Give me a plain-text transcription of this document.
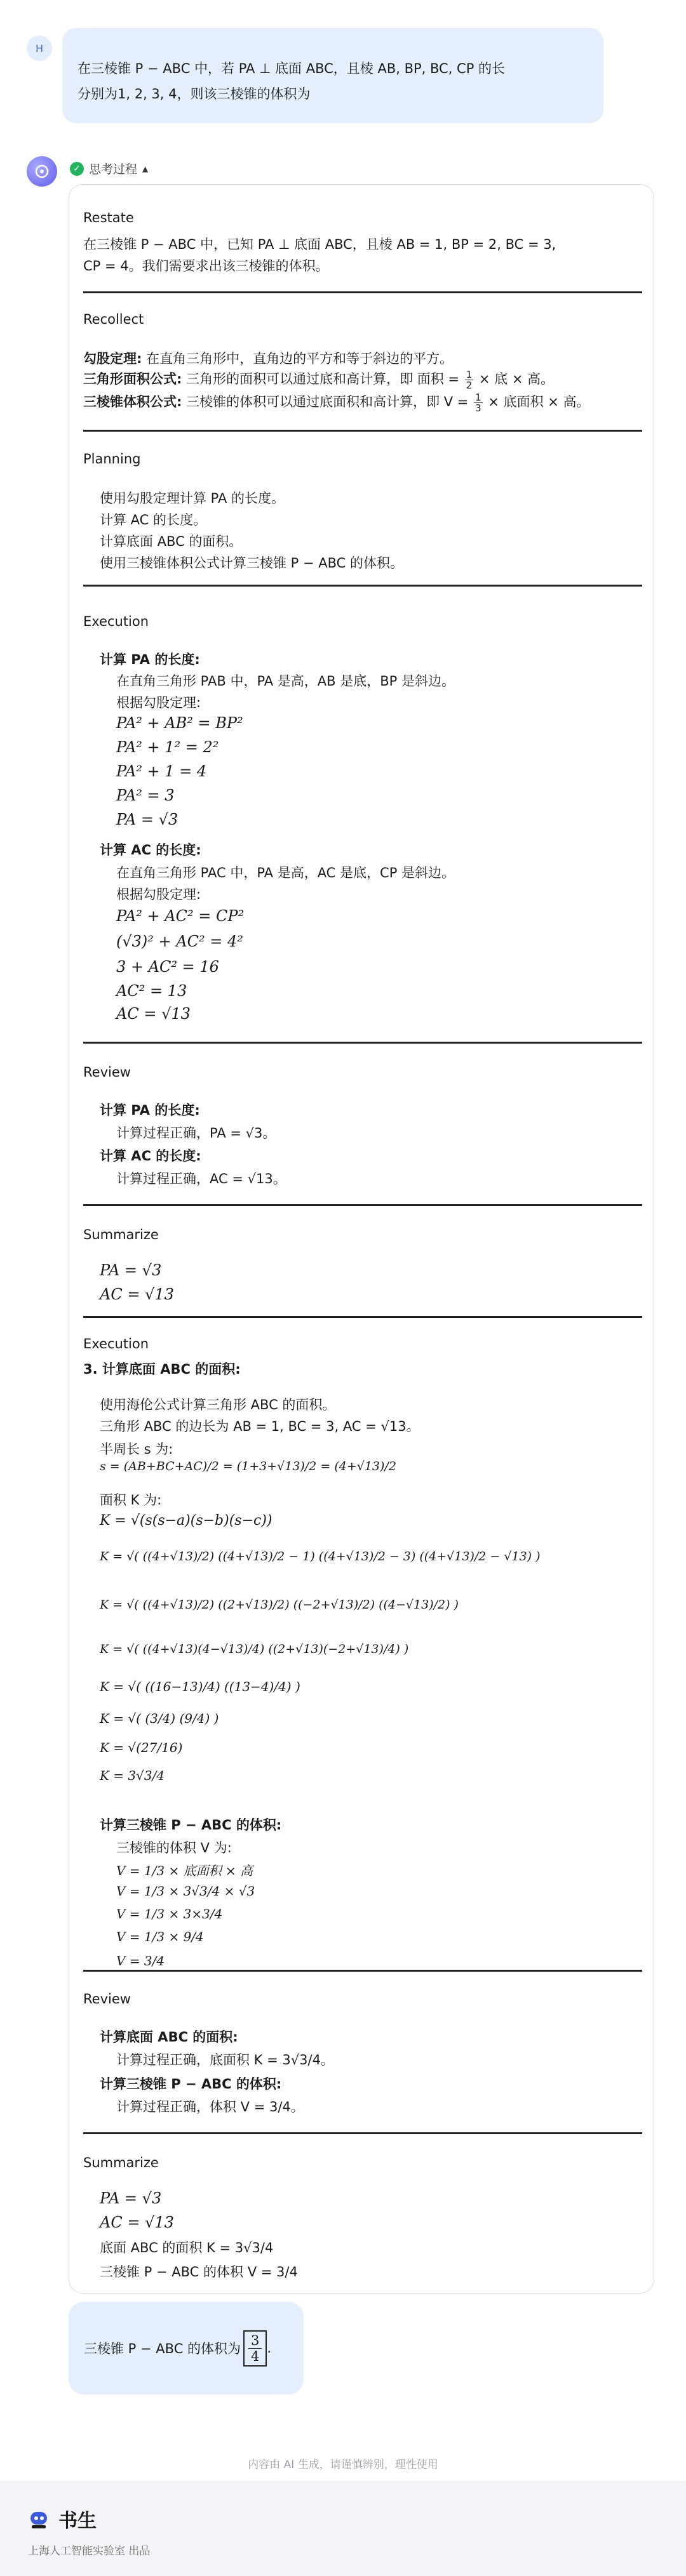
H
在三棱锥 P − ABC 中，若 PA ⊥ 底面 ABC，且棱 AB, BP, BC, CP 的长
分别为1, 2, 3, 4，则该三棱锥的体积为
✓ 思考过程 ▲
Restate
在三棱锥 P − ABC 中，已知 PA ⊥ 底面 ABC，且棱 AB = 1, BP = 2, BC = 3,
CP = 4。我们需要求出该三棱锥的体积。
Recollect
勾股定理: 在直角三角形中，直角边的平方和等于斜边的平方。
三角形面积公式: 三角形的面积可以通过底和高计算，即 面积 = $\frac{1}{2}$ × 底 × 高。
三棱锥体积公式: 三棱锥的体积可以通过底面积和高计算，即 $V = \frac{1}{3}$ × 底面积 × 高。
Planning
使用勾股定理计算 PA 的长度。
计算 AC 的长度。
计算底面 ABC 的面积。
使用三棱锥体积公式计算三棱锥 P − ABC 的体积。
Execution
计算 PA 的长度:
在直角三角形 PAB 中，PA 是高，AB 是底，BP 是斜边。
根据勾股定理:
PA² + AB² = BP²
PA² + 1² = 2²
PA² + 1 = 4
PA² = 3
PA = √3
计算 AC 的长度:
在直角三角形 PAC 中，PA 是高，AC 是底，CP 是斜边。
根据勾股定理:
PA² + AC² = CP²
(√3)² + AC² = 4²
3 + AC² = 16
AC² = 13
AC = √13
Review
计算 PA 的长度:
计算过程正确，PA = √3。
计算 AC 的长度:
计算过程正确，AC = √13。
Summarize
PA = √3
AC = √13
Execution
3. 计算底面 ABC 的面积:
使用海伦公式计算三角形 ABC 的面积。
三角形 ABC 的边长为 AB = 1, BC = 3, AC = √13。
半周长 s 为:
s = (AB+BC+AC)/2 = (1+3+√13)/2 = (4+√13)/2
面积 K 为:
K = √(s(s−a)(s−b)(s−c))
K = √( ((4+√13)/2) ((4+√13)/2 − 1) ((4+√13)/2 − 3) ((4+√13)/2 − √13) )
K = √( ((4+√13)/2) ((2+√13)/2) ((−2+√13)/2) ((4−√13)/2) )
K = √( ((4+√13)(4−√13)/4) ((2+√13)(−2+√13)/4) )
K = √( ((16−13)/4) ((13−4)/4) )
K = √( (3/4) (9/4) )
K = √(27/16)
K = 3√3/4
计算三棱锥 P − ABC 的体积:
三棱锥的体积 V 为:
V = 1/3 × 底面积 × 高
V = 1/3 × 3√3/4 × √3
V = 1/3 × 3×3/4
V = 1/3 × 9/4
V = 3/4
Review
计算底面 ABC 的面积:
计算过程正确，底面积 K = 3√3/4。
计算三棱锥 P − ABC 的体积:
计算过程正确，体积 V = 3/4。
Summarize
PA = √3
AC = √13
底面 ABC 的面积 K = 3√3/4
三棱锥 P − ABC 的体积 V = 3/4
三棱锥 P − ABC 的体积为 $\frac{3}{4}$ .
内容由 AI 生成，请谨慎辨别，理性使用
书生
上海人工智能实验室 出品
